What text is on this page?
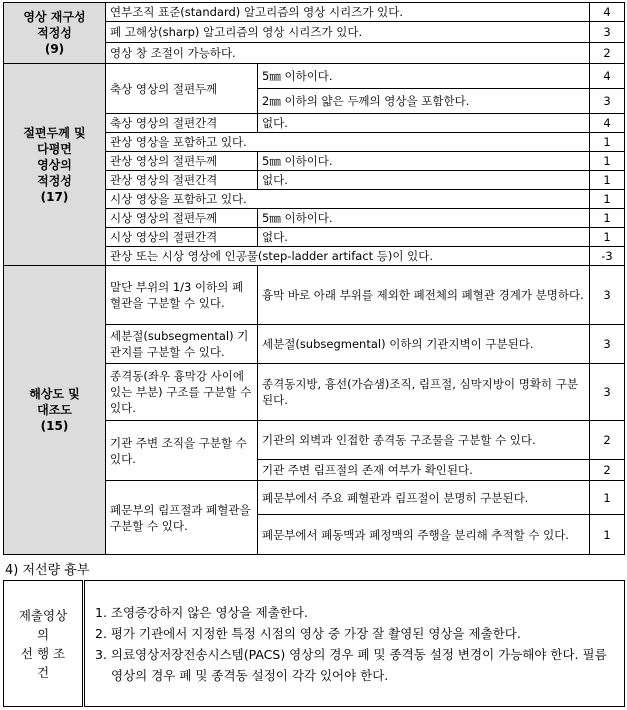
영상 재구성
적정성
(9)	연부조직 표준(standard) 알고리즘의 영상 시리즈가 있다.		4
	폐 고해상(sharp) 알고리즘의 영상 시리즈가 있다.		3
	영상 창 조절이 가능하다.		2
절편두께 및
다평면
영상의
적정성
(17)	축상 영상의 절편두께	5㎜ 이하이다.	4
		2㎜ 이하의 얇은 두께의 영상을 포함한다.	3
	축상 영상의 절편간격	없다.	4
	관상 영상을 포함하고 있다.		1
	관상 영상의 절편두께	5㎜ 이하이다.	1
	관상 영상의 절편간격	없다.	1
	시상 영상을 포함하고 있다.		1
	시상 영상의 절편두께	5㎜ 이하이다.	1
	시상 영상의 절편간격	없다.	1
	관상 또는 시상 영상에 인공물(step-ladder artifact 등)이 있다.		-3
해상도 및
대조도
(15)	말단 부위의 1/3 이하의 폐혈관을 구분할 수 있다.	흉막 바로 아래 부위를 제외한 폐전체의 폐혈관 경계가 분명하다.	3
	세분절(subsegmental) 기관지를 구분할 수 있다.	세분절(subsegmental) 이하의 기관지벽이 구분된다.	3
	종격동(좌우 흉막강 사이에 있는 부분) 구조를 구분할 수 있다.	종격동지방, 흉선(가슴샘)조직, 림프절, 심막지방이 명확히 구분된다.	3
	기관 주변 조직을 구분할 수 있다.	기관의 외벽과 인접한 종격동 구조물을 구분할 수 있다.	2
		기관 주변 림프절의 존재 여부가 확인된다.	2
	폐문부의 림프절과 폐혈관을 구분할 수 있다.	폐문부에서 주요 폐혈관과 림프절이 분명히 구분된다.	1
		폐문부에서 폐동맥과 폐정맥의 주행을 분리해 추적할 수 있다.	1
4) 저선량 흉부
제출영상
의
선 행 조
건	

1. 조영증강하지 않은 영상을 제출한다.

2. 평가 기관에서 지정한 특정 시점의 영상 중 가장 잘 촬영된 영상을 제출한다.

3. 의료영상저장전송시스템(PACS) 영상의 경우 폐 및 종격동 설정 변경이 가능해야 한다. 필름 영상의 경우 폐 및 종격동 설정이 각각 있어야 한다.
